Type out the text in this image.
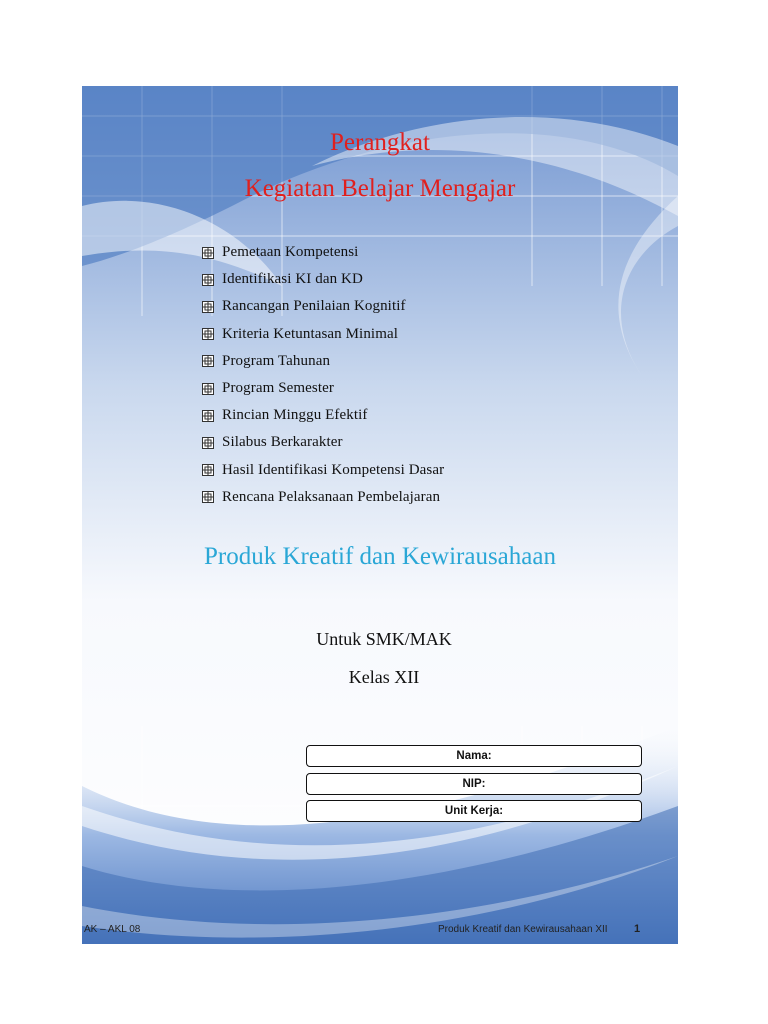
Perangkat
Kegiatan Belajar Mengajar
Pemetaan Kompetensi
Identifikasi KI dan KD
Rancangan Penilaian Kognitif
Kriteria Ketuntasan Minimal
Program Tahunan
Program Semester
Rincian Minggu Efektif
Silabus Berkarakter
Hasil Identifikasi Kompetensi Dasar
Rencana Pelaksanaan Pembelajaran
Produk Kreatif dan Kewirausahaan
Untuk SMK/MAK
Kelas XII
Nama:
NIP:
Unit Kerja:
AK – AKL 08	Produk Kreatif dan Kewirausahaan XII 1
